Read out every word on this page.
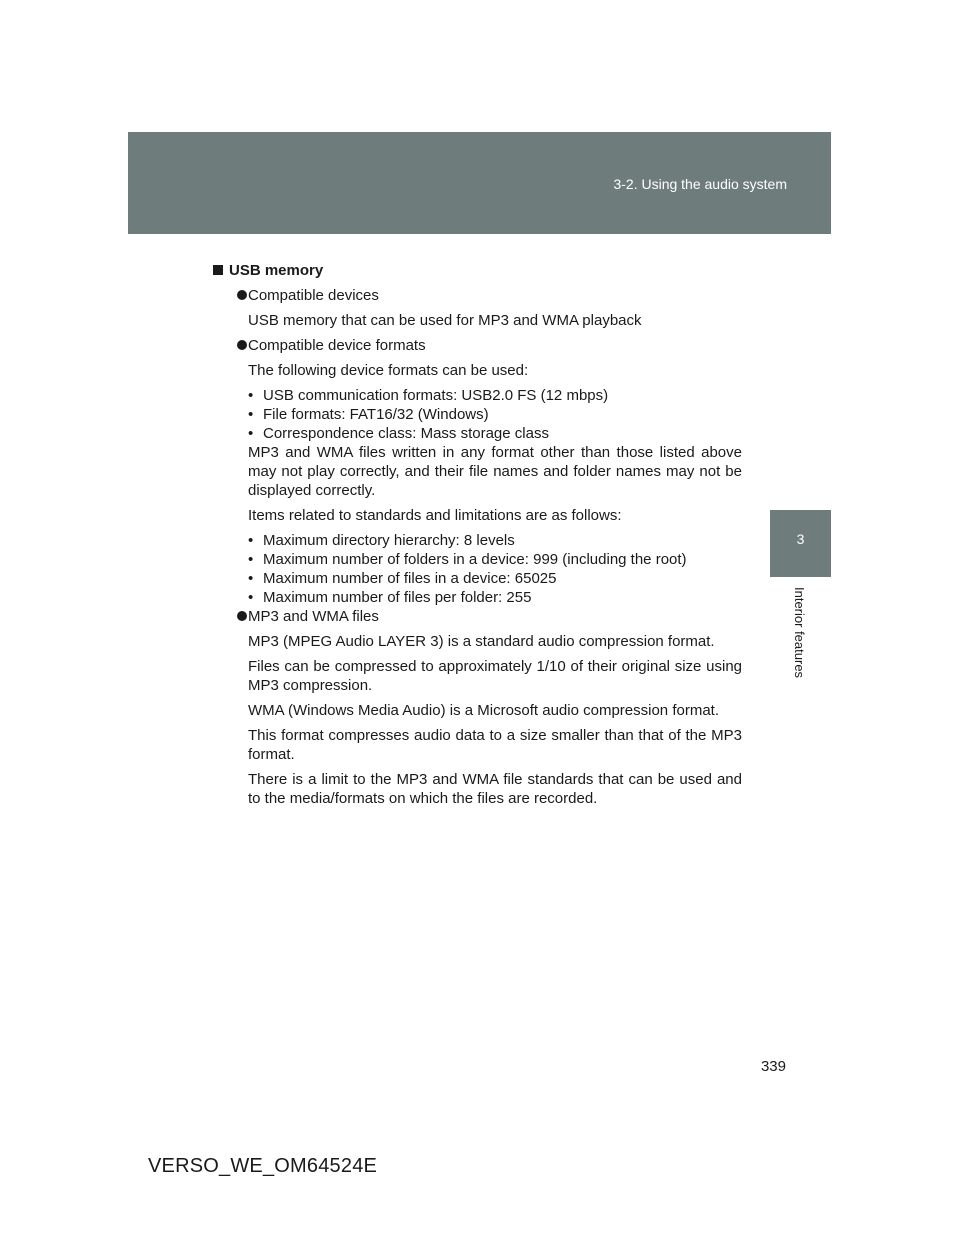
3-2. Using the audio system
3
Interior features
USB memory
Compatible devices
USB memory that can be used for MP3 and WMA playback
Compatible device formats
The following device formats can be used:
• USB communication formats: USB2.0 FS (12 mbps)
• File formats: FAT16/32 (Windows)
• Correspondence class: Mass storage class
MP3 and WMA files written in any format other than those listed above may not play correctly, and their file names and folder names may not be displayed correctly.
Items related to standards and limitations are as follows:
• Maximum directory hierarchy: 8 levels
• Maximum number of folders in a device: 999 (including the root)
• Maximum number of files in a device: 65025
• Maximum number of files per folder: 255
MP3 and WMA files
MP3 (MPEG Audio LAYER 3) is a standard audio compression format.
Files can be compressed to approximately 1/10 of their original size using MP3 compression.
WMA (Windows Media Audio) is a Microsoft audio compression format.
This format compresses audio data to a size smaller than that of the MP3 format.
There is a limit to the MP3 and WMA file standards that can be used and to the media/formats on which the files are recorded.
339
VERSO_WE_OM64524E
